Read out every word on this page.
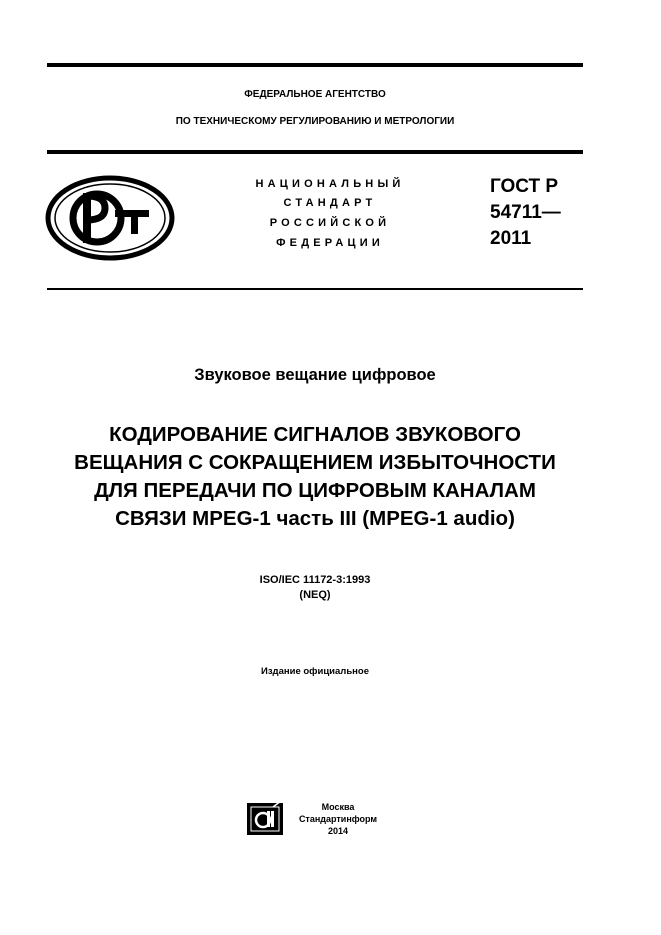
ФЕДЕРАЛЬНОЕ АГЕНТСТВО
ПО ТЕХНИЧЕСКОМУ РЕГУЛИРОВАНИЮ И МЕТРОЛОГИИ
НАЦИОНАЛЬНЫЙ
СТАНДАРТ
РОССИЙСКОЙ
ФЕДЕРАЦИИ
ГОСТ Р
54711—
2011
Звуковое вещание цифровое
КОДИРОВАНИЕ СИГНАЛОВ ЗВУКОВОГО
ВЕЩАНИЯ С СОКРАЩЕНИЕМ ИЗБЫТОЧНОСТИ
ДЛЯ ПЕРЕДАЧИ ПО ЦИФРОВЫМ КАНАЛАМ
СВЯЗИ MPEG-1 часть III (MPEG-1 audio)
ISO/IEC 11172-3:1993
(NEQ)
Издание официальное
Москва
Стандартинформ
2014
